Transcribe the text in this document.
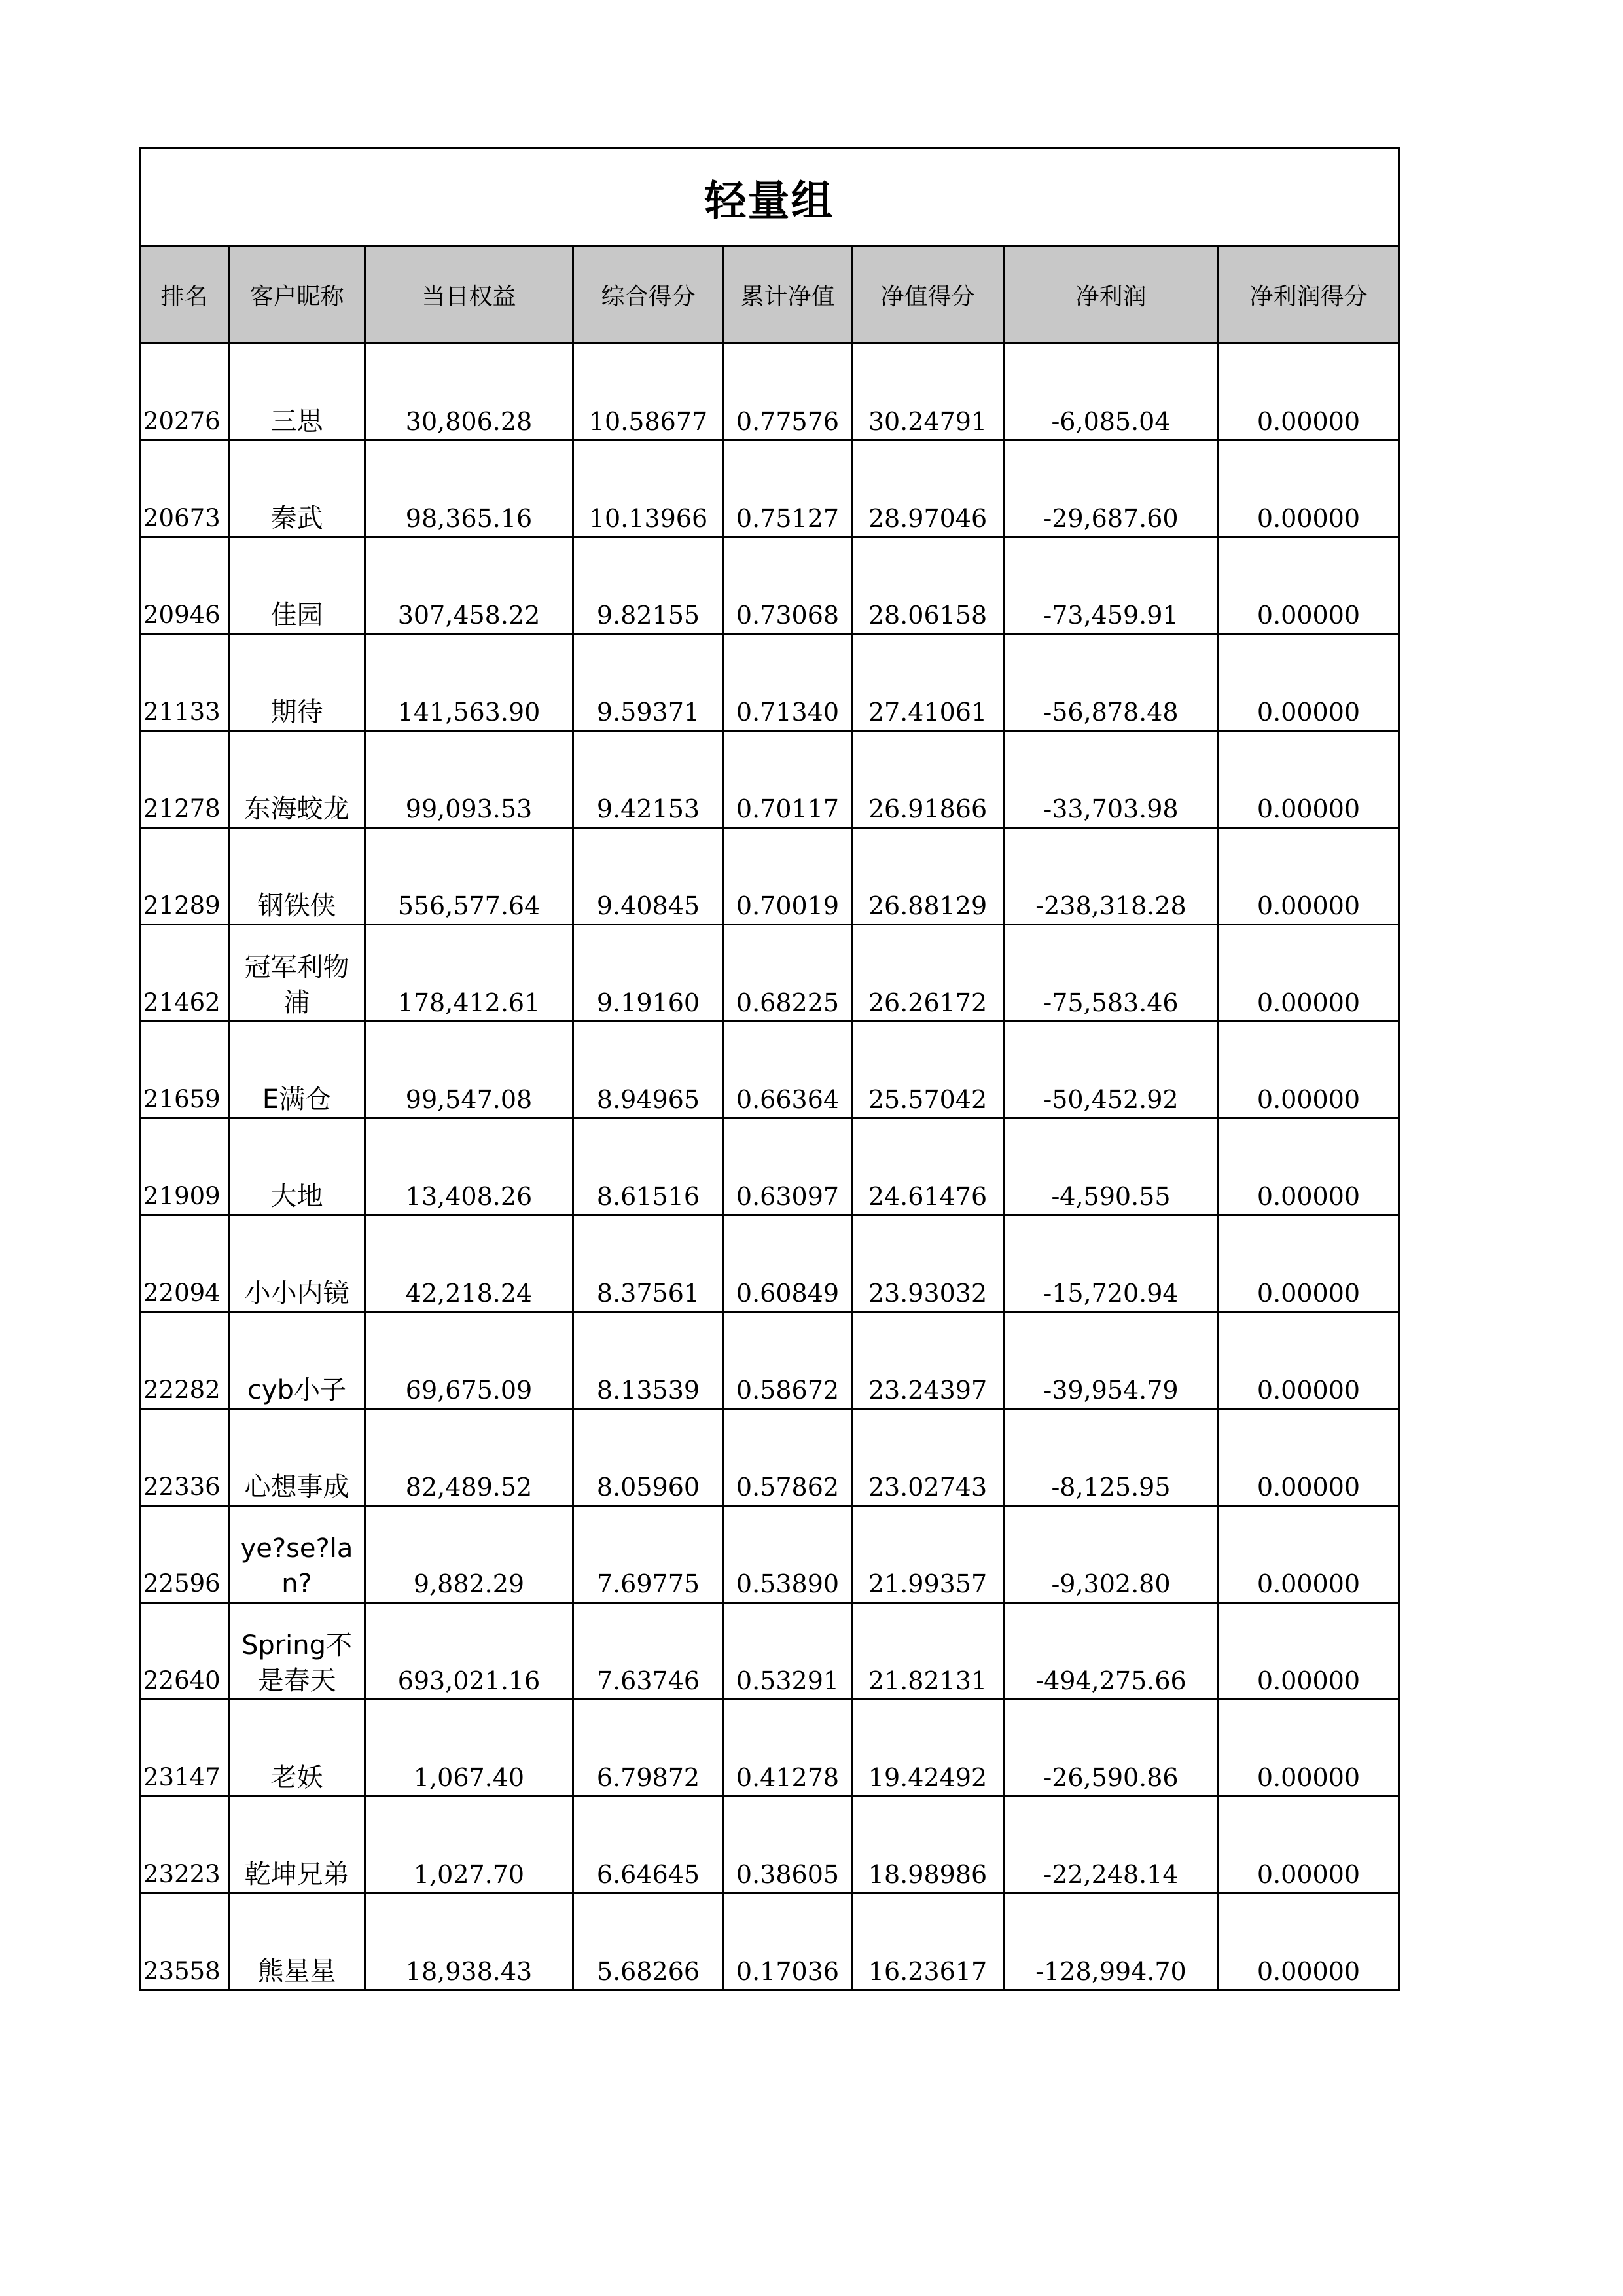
轻量组							
排名	客户昵称	当日权益	综合得分	累计净值	净值得分	净利润	净利润得分
20276	三思	30,806.28	10.58677	0.77576	30.24791	-6,085.04	0.00000
20673	秦武	98,365.16	10.13966	0.75127	28.97046	-29,687.60	0.00000
20946	佳园	307,458.22	9.82155	0.73068	28.06158	-73,459.91	0.00000
21133	期待	141,563.90	9.59371	0.71340	27.41061	-56,878.48	0.00000
21278	东海蛟龙	99,093.53	9.42153	0.70117	26.91866	-33,703.98	0.00000
21289	钢铁侠	556,577.64	9.40845	0.70019	26.88129	-238,318.28	0.00000
21462	冠军利物浦	178,412.61	9.19160	0.68225	26.26172	-75,583.46	0.00000
21659	E满仓	99,547.08	8.94965	0.66364	25.57042	-50,452.92	0.00000
21909	大地	13,408.26	8.61516	0.63097	24.61476	-4,590.55	0.00000
22094	小小内镜	42,218.24	8.37561	0.60849	23.93032	-15,720.94	0.00000
22282	cyb小子	69,675.09	8.13539	0.58672	23.24397	-39,954.79	0.00000
22336	心想事成	82,489.52	8.05960	0.57862	23.02743	-8,125.95	0.00000
22596	ye?se?lan?	9,882.29	7.69775	0.53890	21.99357	-9,302.80	0.00000
22640	Spring不是春天	693,021.16	7.63746	0.53291	21.82131	-494,275.66	0.00000
23147	老妖	1,067.40	6.79872	0.41278	19.42492	-26,590.86	0.00000
23223	乾坤兄弟	1,027.70	6.64645	0.38605	18.98986	-22,248.14	0.00000
23558	熊星星	18,938.43	5.68266	0.17036	16.23617	-128,994.70	0.00000
